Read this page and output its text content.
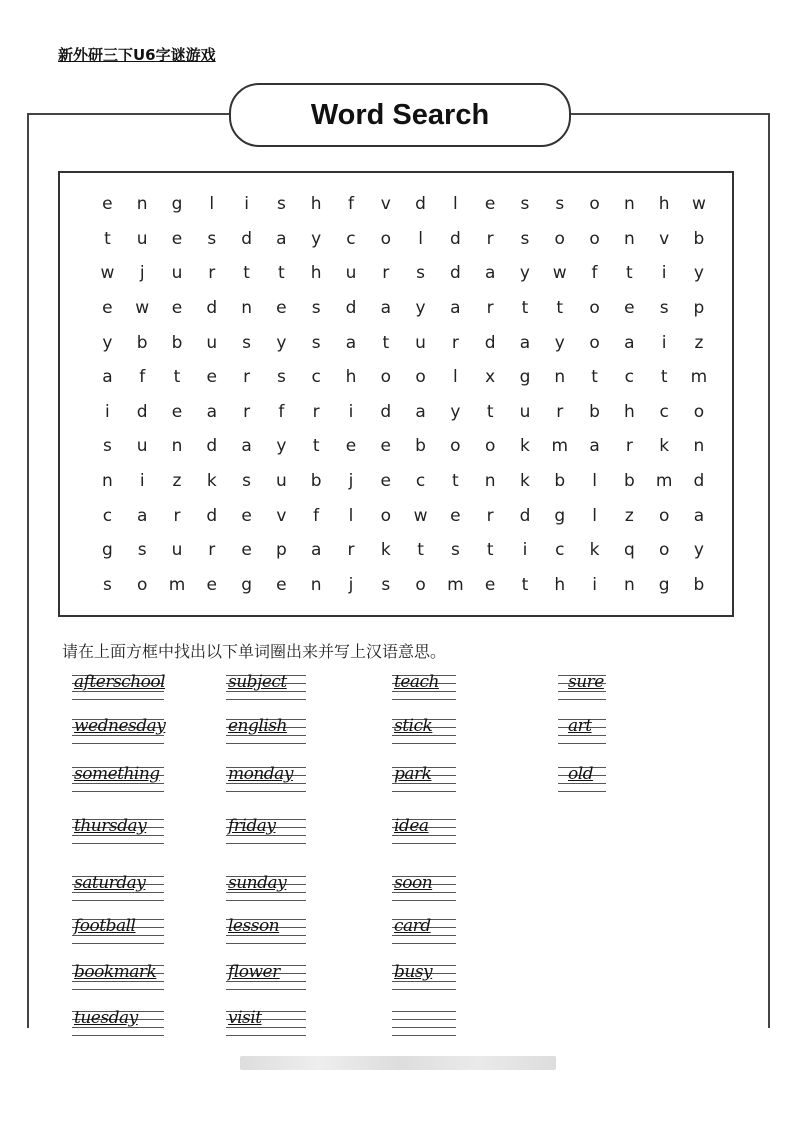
新外研三下U6字谜游戏
Word Search
e	n	g	l	i	s	h	f	v	d	l	e	s	s	o	n	h	w
t	u	e	s	d	a	y	c	o	l	d	r	s	o	o	n	v	b
w	j	u	r	t	t	h	u	r	s	d	a	y	w	f	t	i	y
e	w	e	d	n	e	s	d	a	y	a	r	t	t	o	e	s	p
y	b	b	u	s	y	s	a	t	u	r	d	a	y	o	a	i	z
a	f	t	e	r	s	c	h	o	o	l	x	g	n	t	c	t	m
i	d	e	a	r	f	r	i	d	a	y	t	u	r	b	h	c	o
s	u	n	d	a	y	t	e	e	b	o	o	k	m	a	r	k	n
n	i	z	k	s	u	b	j	e	c	t	n	k	b	l	b	m	d
c	a	r	d	e	v	f	l	o	w	e	r	d	g	l	z	o	a
g	s	u	r	e	p	a	r	k	t	s	t	i	c	k	q	o	y
s	o	m	e	g	e	n	j	s	o	m	e	t	h	i	n	g	b
请在上面方框中找出以下单词圈出来并写上汉语意思。
afterschool
wednesday
something
thursday
saturday
football
bookmark
tuesday
subject
english
monday
friday
sunday
lesson
flower
visit
teach
stick
park
idea
soon
card
busy
sure
art
old
